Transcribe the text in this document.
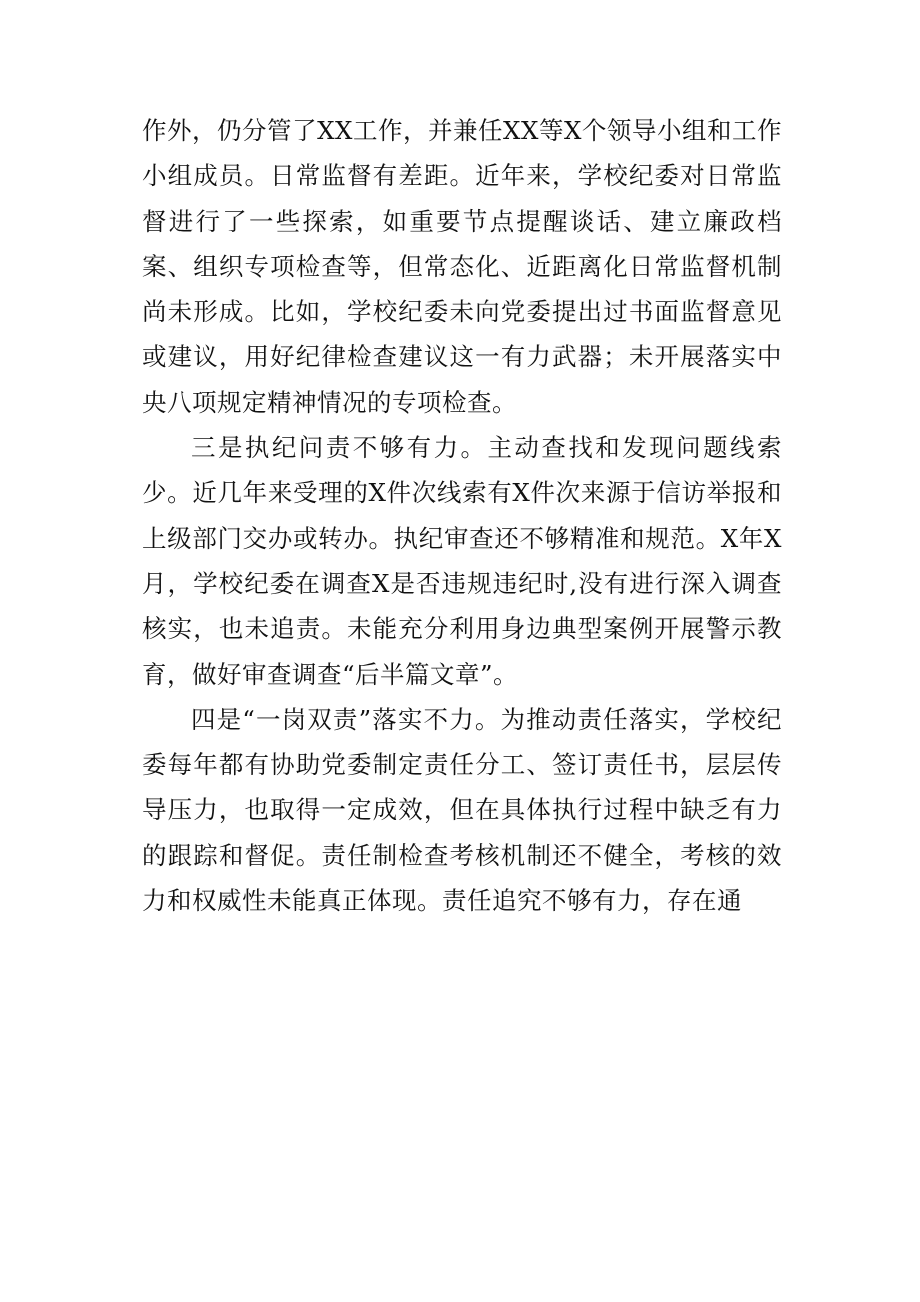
作外，仍分管了XX工作，并兼任XX等X个领导小组和工作小组成员。日常监督有差距。近年来，学校纪委对日常监督进行了一些探索，如重要节点提醒谈话、建立廉政档案、组织专项检查等，但常态化、近距离化日常监督机制尚未形成。比如，学校纪委未向党委提出过书面监督意见或建议，用好纪律检查建议这一有力武器；未开展落实中央八项规定精神情况的专项检查。

三是执纪问责不够有力。主动查找和发现问题线索少。近几年来受理的X件次线索有X件次来源于信访举报和上级部门交办或转办。执纪审查还不够精准和规范。X年X月，学校纪委在调查X是否违规违纪时,没有进行深入调查核实，也未追责。未能充分利用身边典型案例开展警示教育，做好审查调查“后半篇文章”。

四是“一岗双责”落实不力。为推动责任落实，学校纪委每年都有协助党委制定责任分工、签订责任书，层层传导压力，也取得一定成效，但在具体执行过程中缺乏有力的跟踪和督促。责任制检查考核机制还不健全，考核的效力和权威性未能真正体现。责任追究不够有力，存在通
